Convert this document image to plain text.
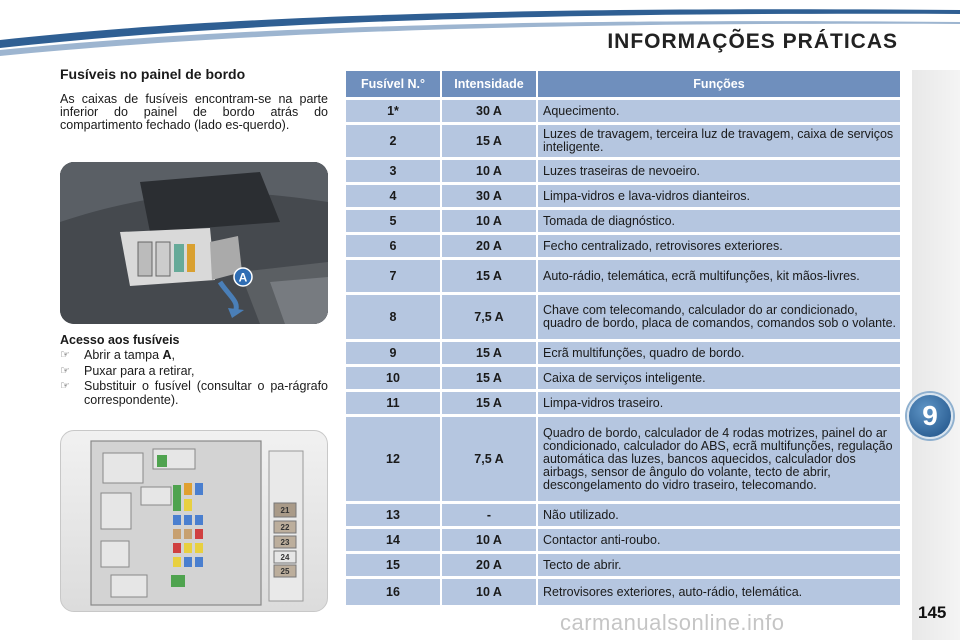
INFORMAÇÕES PRÁTICAS
9
145
Fusíveis no painel de bordo

As caixas de fusíveis encontram-se na parte inferior do painel de bordo atrás do compartimento fechado (lado es-querdo).

A
Acesso aos fusíveis
☞	Abrir a tampa A,
☞	Puxar para a retirar,
☞	Substituir o fusível (consultar o pa-rágrafo correspondente).
21
22
23
24
25
Fusível N.°	Intensidade	Funções
1*	30 A	Aquecimento.
2	15 A	Luzes de travagem, terceira luz de travagem, caixa de serviços inteligente.
3	10 A	Luzes traseiras de nevoeiro.
4	30 A	Limpa-vidros e lava-vidros dianteiros.
5	10 A	Tomada de diagnóstico.
6	20 A	Fecho centralizado, retrovisores exteriores.
7	15 A	Auto-rádio, telemática, ecrã multifunções, kit mãos-livres.
8	7,5 A	Chave com telecomando, calculador do ar condicionado, quadro de bordo, placa de comandos, comandos sob o volante.
9	15 A	Ecrã multifunções, quadro de bordo.
10	15 A	Caixa de serviços inteligente.
11	15 A	Limpa-vidros traseiro.
12	7,5 A	Quadro de bordo, calculador de 4 rodas motrizes, painel do ar condicionado, calculador do ABS, ecrã multifunções, regulação automática das luzes, bancos aquecidos, calculador dos airbags, sensor de ângulo do volante, tecto de abrir, descongelamento do vidro traseiro, telecomando.
13	-	Não utilizado.
14	10 A	Contactor anti-roubo.
15	20 A	Tecto de abrir.
16	10 A	Retrovisores exteriores, auto-rádio, telemática.
carmanualsonline.info
